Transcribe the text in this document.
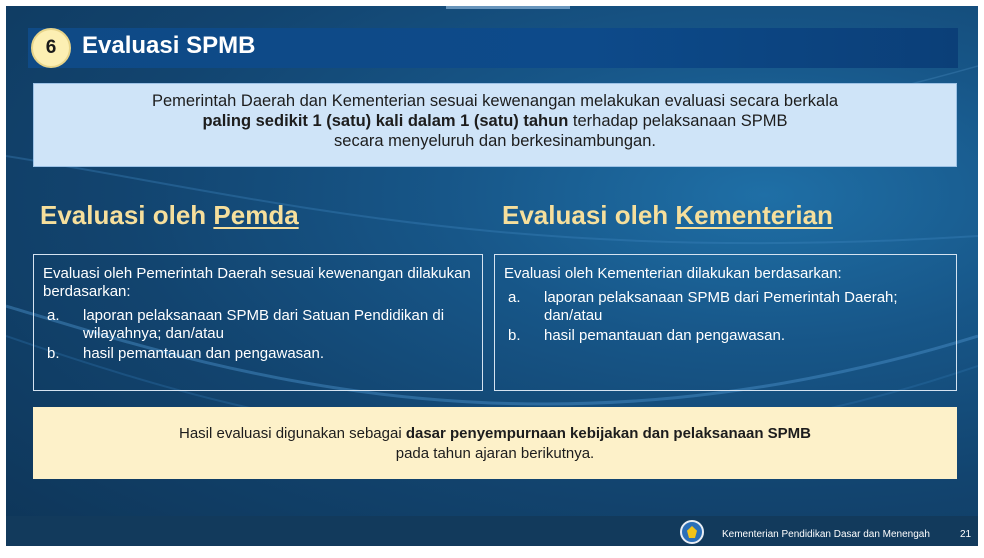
6	Evaluasi SPMB
Pemerintah Daerah dan Kementerian sesuai kewenangan melakukan evaluasi secara berkala
paling sedikit 1 (satu) kali dalam 1 (satu) tahun terhadap pelaksanaan SPMB
secara menyeluruh dan berkesinambungan.
Evaluasi oleh Pemda	Evaluasi oleh Kementerian
Evaluasi oleh Pemerintah Daerah sesuai kewenangan dilakukan berdasarkan:
a.	laporan pelaksanaan SPMB dari Satuan Pendidikan di wilayahnya; dan/atau
b.	hasil pemantauan dan pengawasan.
Evaluasi oleh Kementerian dilakukan berdasarkan:
a.	laporan pelaksanaan SPMB dari Pemerintah Daerah; dan/atau
b.	hasil pemantauan dan pengawasan.
Hasil evaluasi digunakan sebagai dasar penyempurnaan kebijakan dan pelaksanaan SPMB
pada tahun ajaran berikutnya.
Kementerian Pendidikan Dasar dan Menengah	21
